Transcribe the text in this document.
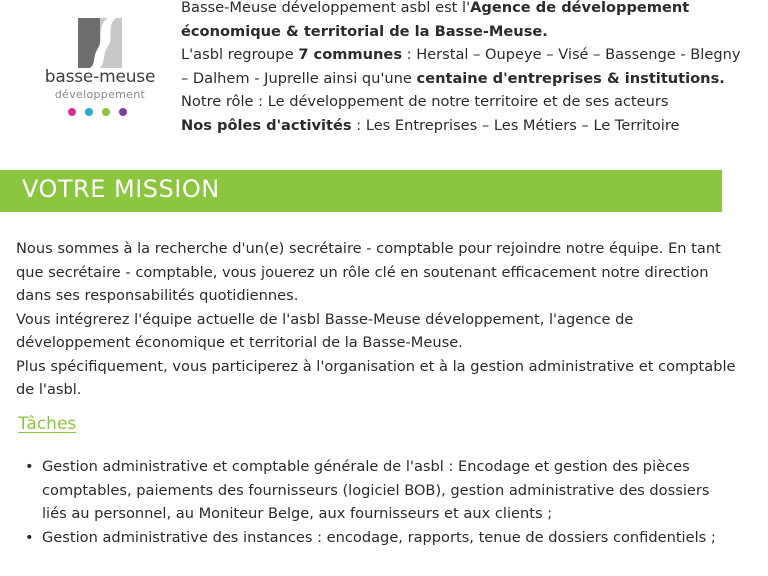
basse-meuse
développement

Basse-Meuse développement asbl est l'Agence de développement économique & territorial de la Basse-Meuse.

L'asbl regroupe 7 communes : Herstal – Oupeye – Visé – Bassenge - Blegny – Dalhem - Juprelle ainsi qu'une centaine d'entreprises & institutions.

Notre rôle : Le développement de notre territoire et de ses acteurs

Nos pôles d'activités : Les Entreprises – Les Métiers – Le Territoire

VOTRE MISSION

Nous sommes à la recherche d'un(e) secrétaire - comptable pour rejoindre notre équipe. En tant que secrétaire - comptable, vous jouerez un rôle clé en soutenant efficacement notre direction dans ses responsabilités quotidiennes.

Vous intégrerez l'équipe actuelle de l'asbl Basse-Meuse développement, l'agence de développement économique et territorial de la Basse-Meuse.

Plus spécifiquement, vous participerez à l'organisation et à la gestion administrative et comptable de l'asbl.

Tâches
• Gestion administrative et comptable générale de l'asbl : Encodage et gestion des pièces comptables, paiements des fournisseurs (logiciel BOB), gestion administrative des dossiers liés au personnel, au Moniteur Belge, aux fournisseurs et aux clients ;
• Gestion administrative des instances : encodage, rapports, tenue de dossiers confidentiels ;
